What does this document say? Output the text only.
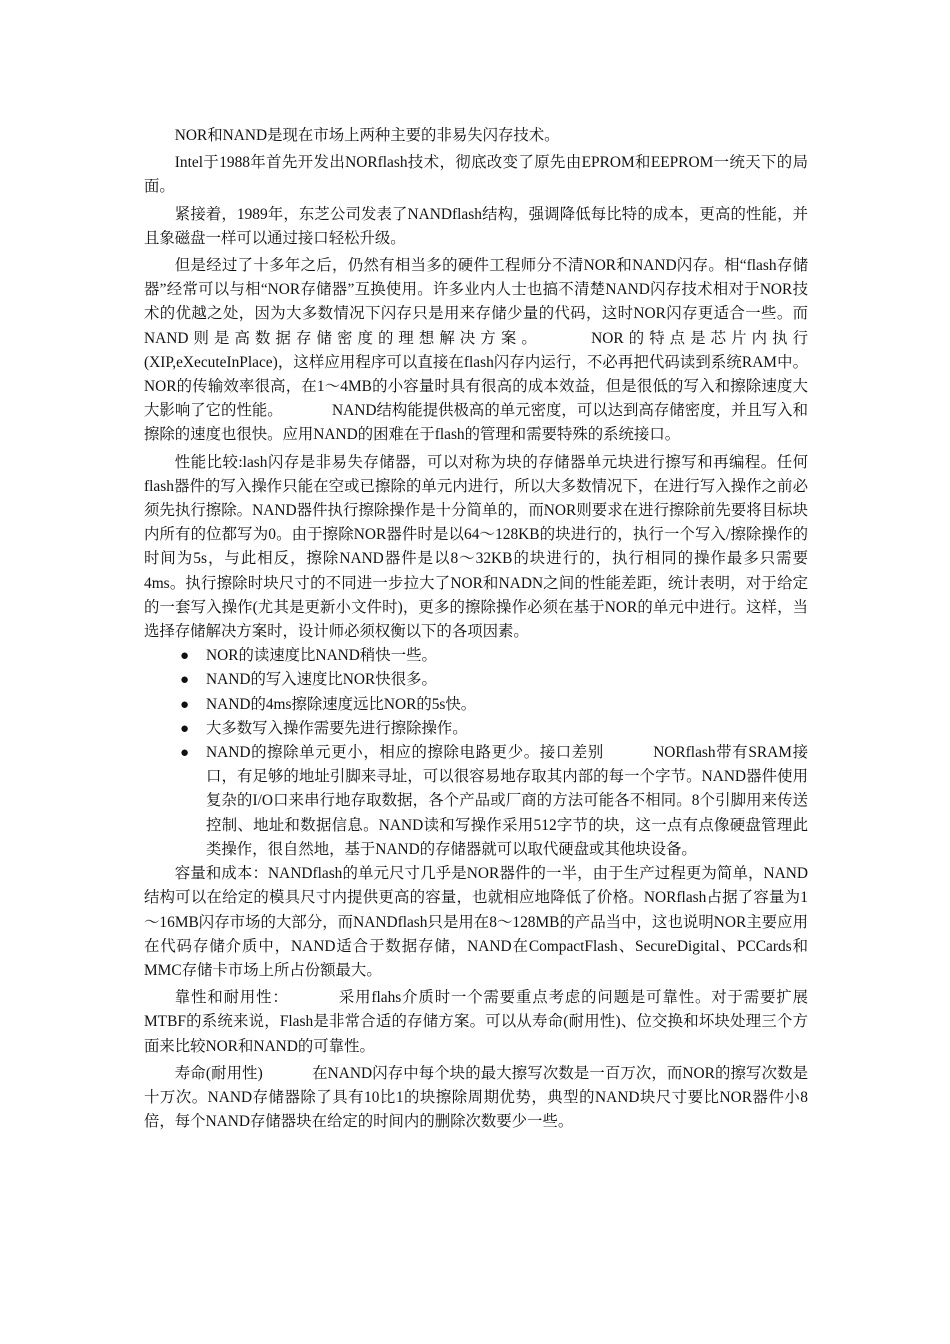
NOR和NAND是现在市场上两种主要的非易失闪存技术。

Intel于1988年首先开发出NORflash技术，彻底改变了原先由EPROM和EEPROM一统天下的局面。

紧接着，1989年，东芝公司发表了NANDflash结构，强调降低每比特的成本，更高的性能，并且象磁盘一样可以通过接口轻松升级。

但是经过了十多年之后，仍然有相当多的硬件工程师分不清NOR和NAND闪存。相“flash存储器”经常可以与相“NOR存储器”互换使用。许多业内人士也搞不清楚NAND闪存技术相对于NOR技术的优越之处，因为大多数情况下闪存只是用来存储少量的代码，这时NOR闪存更适合一些。而NAND则是高数据存储密度的理想解决方案。	NOR的特点是芯片内执行(XIP,eXecuteInPlace)，这样应用程序可以直接在flash闪存内运行，不必再把代码读到系统RAM中。NOR的传输效率很高，在1～4MB的小容量时具有很高的成本效益，但是很低的写入和擦除速度大大影响了它的性能。	NAND结构能提供极高的单元密度，可以达到高存储密度，并且写入和擦除的速度也很快。应用NAND的困难在于flash的管理和需要特殊的系统接口。

性能比较:lash闪存是非易失存储器，可以对称为块的存储器单元块进行擦写和再编程。任何flash器件的写入操作只能在空或已擦除的单元内进行，所以大多数情况下，在进行写入操作之前必须先执行擦除。NAND器件执行擦除操作是十分简单的，而NOR则要求在进行擦除前先要将目标块内所有的位都写为0。由于擦除NOR器件时是以64～128KB的块进行的，执行一个写入/擦除操作的时间为5s，与此相反，擦除NAND器件是以8～32KB的块进行的，执行相同的操作最多只需要4ms。执行擦除时块尺寸的不同进一步拉大了NOR和NADN之间的性能差距，统计表明，对于给定的一套写入操作(尤其是更新小文件时)，更多的擦除操作必须在基于NOR的单元中进行。这样，当选择存储解决方案时，设计师必须权衡以下的各项因素。

● NOR的读速度比NAND稍快一些。
● NAND的写入速度比NOR快很多。
● NAND的4ms擦除速度远比NOR的5s快。
● 大多数写入操作需要先进行擦除操作。
● NAND的擦除单元更小，相应的擦除电路更少。接口差别	NORflash带有SRAM接口，有足够的地址引脚来寻址，可以很容易地存取其内部的每一个字节。NAND器件使用复杂的I/O口来串行地存取数据，各个产品或厂商的方法可能各不相同。8个引脚用来传送控制、地址和数据信息。NAND读和写操作采用512字节的块，这一点有点像硬盘管理此类操作，很自然地，基于NAND的存储器就可以取代硬盘或其他块设备。

容量和成本：NANDflash的单元尺寸几乎是NOR器件的一半，由于生产过程更为简单，NAND结构可以在给定的模具尺寸内提供更高的容量，也就相应地降低了价格。NORflash占据了容量为1～16MB闪存市场的大部分，而NANDflash只是用在8～128MB的产品当中，这也说明NOR主要应用在代码存储介质中，NAND适合于数据存储，NAND在CompactFlash、SecureDigital、PCCards和MMC存储卡市场上所占份额最大。

靠性和耐用性：	采用flahs介质时一个需要重点考虑的问题是可靠性。对于需要扩展MTBF的系统来说，Flash是非常合适的存储方案。可以从寿命(耐用性)、位交换和坏块处理三个方面来比较NOR和NAND的可靠性。

寿命(耐用性)	在NAND闪存中每个块的最大擦写次数是一百万次，而NOR的擦写次数是十万次。NAND存储器除了具有10比1的块擦除周期优势，典型的NAND块尺寸要比NOR器件小8倍，每个NAND存储器块在给定的时间内的删除次数要少一些。
